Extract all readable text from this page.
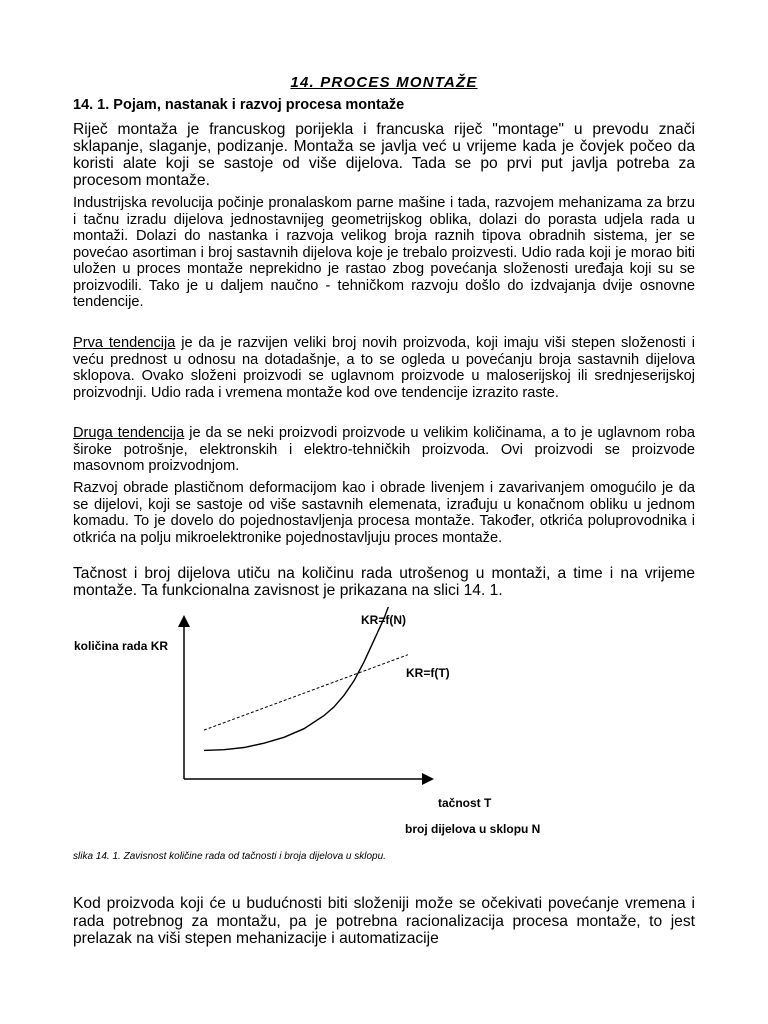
14. PROCES MONTAŽE
14. 1. Pojam, nastanak i razvoj procesa montaže

Riječ montaža je francuskog porijekla i francuska riječ "montage" u prevodu znači sklapanje, slaganje, podizanje. Montaža se javlja već u vrijeme kada je čovjek počeo da koristi alate koji se sastoje od više dijelova. Tada se po prvi put javlja potreba za procesom montaže.

Industrijska revolucija počinje pronalaskom parne mašine i tada, razvojem mehanizama za brzu i tačnu izradu dijelova jednostavnijeg geometrijskog oblika, dolazi do porasta udjela rada u montaži. Dolazi do nastanka i razvoja velikog broja raznih tipova obradnih sistema, jer se povećao asortiman i broj sastavnih dijelova koje je trebalo proizvesti. Udio rada koji je morao biti uložen u proces montaže neprekidno je rastao zbog povećanja složenosti uređaja koji su se proizvodili. Tako je u daljem naučno - tehničkom razvoju došlo do izdvajanja dvije osnovne tendencije.

Prva tendencija je da je razvijen veliki broj novih proizvoda, koji imaju viši stepen složenosti i veću prednost u odnosu na dotadašnje, a to se ogleda u povećanju broja sastavnih dijelova sklopova. Ovako složeni proizvodi se uglavnom proizvode u maloserijskoj ili srednjeserijskoj proizvodnji. Udio rada i vremena montaže kod ove tendencije izrazito raste.

Druga tendencija je da se neki proizvodi proizvode u velikim količinama, a to je uglavnom roba široke potrošnje, elektronskih i elektro-tehničkih proizvoda. Ovi proizvodi se proizvode masovnom proizvodnjom.

Razvoj obrade plastičnom deformacijom kao i obrade livenjem i zavarivanjem omogućilo je da se dijelovi, koji se sastoje od više sastavnih elemenata, izrađuju u konačnom obliku u jednom komadu. To je dovelo do pojednostavljenja procesa montaže. Također, otkrića poluprovodnika i otkrića na polju mikroelektronike pojednostavljuju proces montaže.

Tačnost i broj dijelova utiču na količinu rada utrošenog u montaži, a time i na vrijeme montaže. Ta funkcionalna zavisnost je prikazana na slici 14. 1.

količina rada KR
tačnost T
broj dijelova u sklopu N
KR=f(N)
KR=f(T)

slika 14. 1. Zavisnost količine rada od tačnosti i broja dijelova u sklopu.

Kod proizvoda koji će u budućnosti biti složeniji može se očekivati povećanje vremena i rada potrebnog za montažu, pa je potrebna racionalizacija procesa montaže, to jest prelazak na viši stepen mehanizacije i automatizacije
